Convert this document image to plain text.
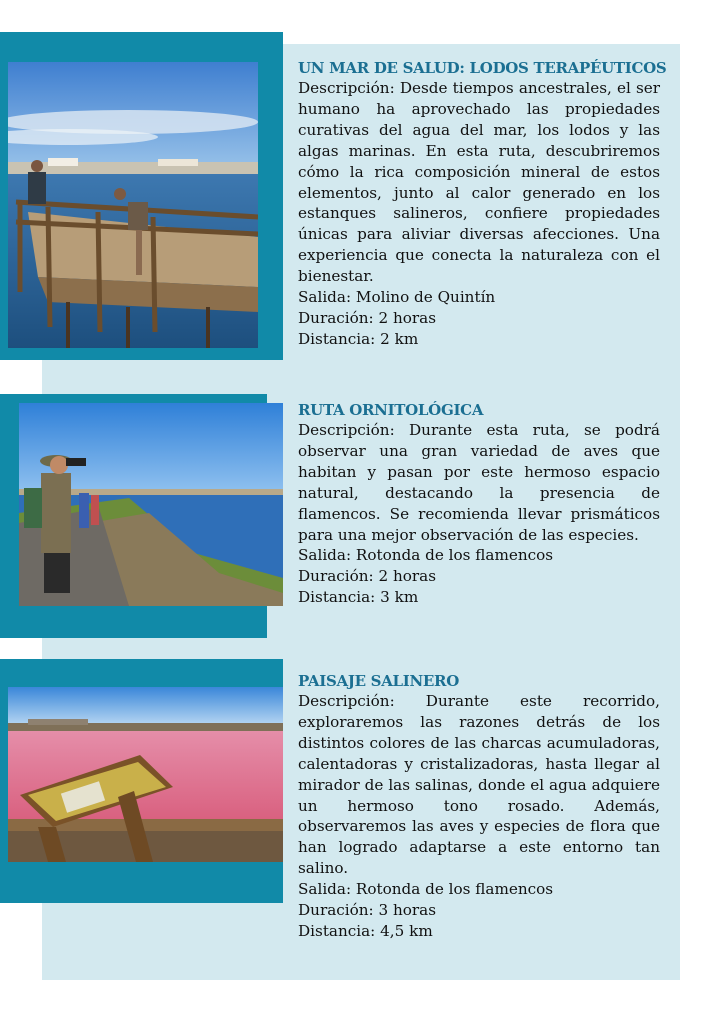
UN MAR DE SALUD: LODOS TERAPÉUTICOS
Descripción: Desde tiempos ancestrales, el ser humano ha aprovechado las propiedades curativas del agua del mar, los lodos y las algas marinas. En esta ruta, descubriremos cómo la rica composición mineral de estos elementos, junto al calor generado en los estanques salineros, confiere propiedades únicas para aliviar diversas afecciones. Una experiencia que conecta la naturaleza con el bienestar.
Salida: Molino de Quintín
Duración: 2 horas
Distancia: 2 km
RUTA ORNITOLÓGICA
Descripción: Durante esta ruta, se podrá observar una gran variedad de aves que habitan y pasan por este hermoso espacio natural, destacando la presencia de flamencos. Se recomienda llevar prismáticos para una mejor observación de las especies.
Salida: Rotonda de los flamencos
Duración: 2 horas
Distancia: 3 km
PAISAJE SALINERO
Descripción: Durante este recorrido, exploraremos las razones detrás de los distintos colores de las charcas acumuladoras, calentadoras y cristalizadoras, hasta llegar al mirador de las salinas, donde el agua adquiere un hermoso tono rosado. Además, observaremos las aves y especies de flora que han logrado adaptarse a este entorno tan salino.
Salida: Rotonda de los flamencos
Duración: 3 horas
Distancia: 4,5 km
